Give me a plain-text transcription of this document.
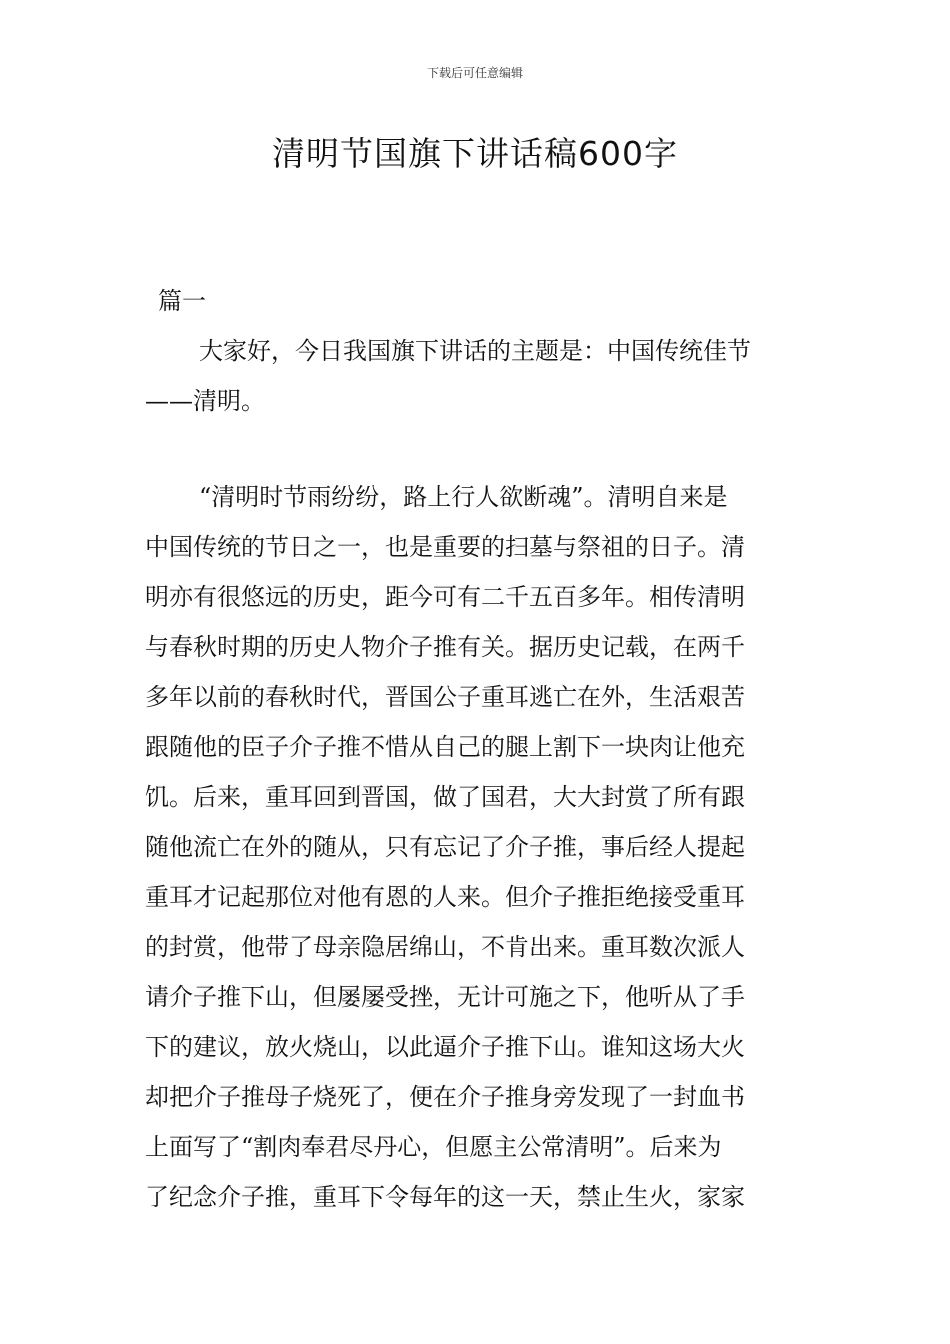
下载后可任意编辑
清明节国旗下讲话稿600字
篇一
大家好，今日我国旗下讲话的主题是：中国传统佳节
——清明。
“清明时节雨纷纷，路上行人欲断魂”。清明自来是
中国传统的节日之一，也是重要的扫墓与祭祖的日子。清
明亦有很悠远的历史，距今可有二千五百多年。相传清明
与春秋时期的历史人物介子推有关。据历史记载，在两千
多年以前的春秋时代，晋国公子重耳逃亡在外，生活艰苦
跟随他的臣子介子推不惜从自己的腿上割下一块肉让他充
饥。后来，重耳回到晋国，做了国君，大大封赏了所有跟
随他流亡在外的随从，只有忘记了介子推，事后经人提起
重耳才记起那位对他有恩的人来。但介子推拒绝接受重耳
的封赏，他带了母亲隐居绵山，不肯出来。重耳数次派人
请介子推下山，但屡屡受挫，无计可施之下，他听从了手
下的建议，放火烧山，以此逼介子推下山。谁知这场大火
却把介子推母子烧死了，便在介子推身旁发现了一封血书
上面写了“割肉奉君尽丹心，但愿主公常清明”。后来为
了纪念介子推，重耳下令每年的这一天，禁止生火，家家
